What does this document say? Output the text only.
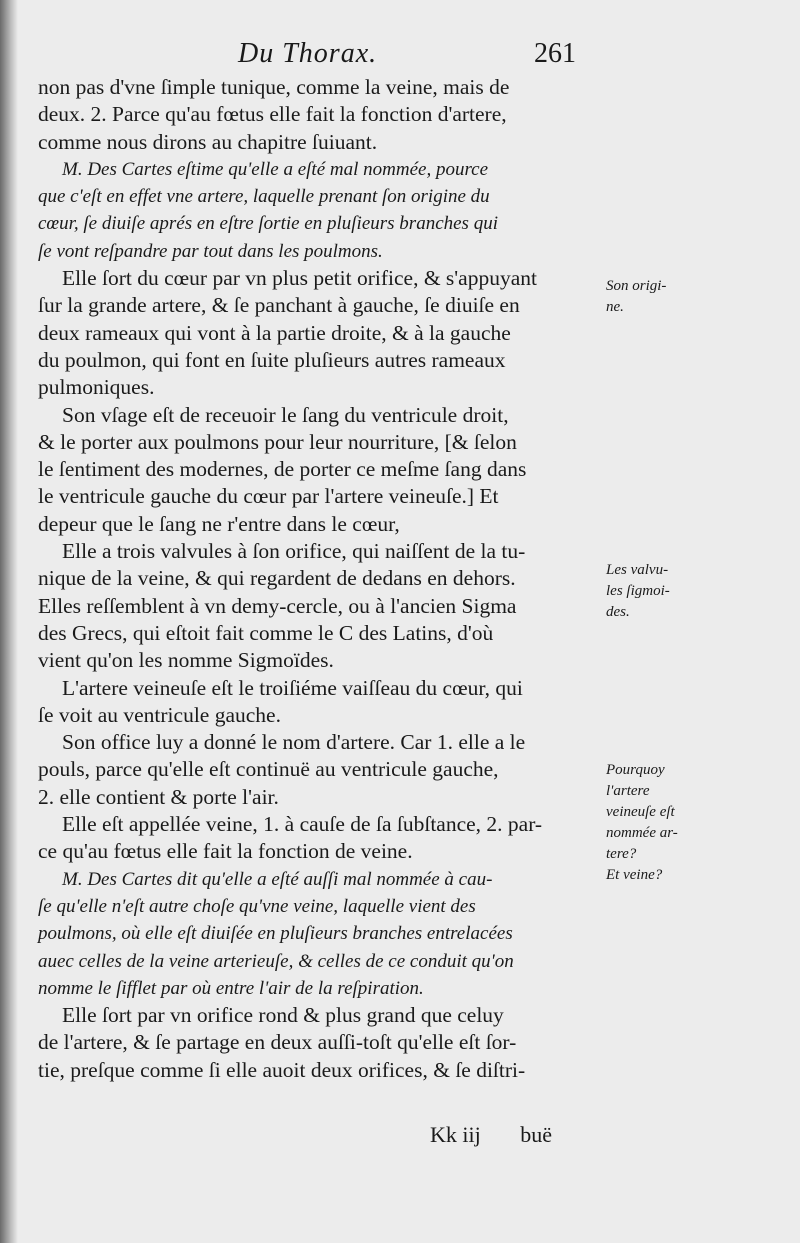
Du Thorax.	261
non pas d'vne ſimple tunique, comme la veine, mais de
deux. 2. Parce qu'au fœtus elle fait la fonction d'artere,
comme nous dirons au chapitre ſuiuant.
M. Des Cartes eſtime qu'elle a eſté mal nommée, pource
que c'eſt en effet vne artere, laquelle prenant ſon origine du
cœur, ſe diuiſe aprés en eſtre ſortie en pluſieurs branches qui
ſe vont reſpandre par tout dans les poulmons.
Elle ſort du cœur par vn plus petit orifice, & s'appuyant
ſur la grande artere, & ſe panchant à gauche, ſe diuiſe en
deux rameaux qui vont à la partie droite, & à la gauche
du poulmon, qui font en ſuite pluſieurs autres rameaux
pulmoniques.
Son vſage eſt de receuoir le ſang du ventricule droit,
& le porter aux poulmons pour leur nourriture, [& ſelon
le ſentiment des modernes, de porter ce meſme ſang dans
le ventricule gauche du cœur par l'artere veineuſe.] Et
depeur que le ſang ne r'entre dans le cœur,
Elle a trois valvules à ſon orifice, qui naiſſent de la tu-
nique de la veine, & qui regardent de dedans en dehors.
Elles reſſemblent à vn demy-cercle, ou à l'ancien Sigma
des Grecs, qui eſtoit fait comme le C des Latins, d'où
vient qu'on les nomme Sigmoïdes.
L'artere veineuſe eſt le troiſiéme vaiſſeau du cœur, qui
ſe voit au ventricule gauche.
Son office luy a donné le nom d'artere. Car 1. elle a le
pouls, parce qu'elle eſt continuë au ventricule gauche,
2. elle contient & porte l'air.
Elle eſt appellée veine, 1. à cauſe de ſa ſubſtance, 2. par-
ce qu'au fœtus elle fait la fonction de veine.
M. Des Cartes dit qu'elle a eſté auſſi mal nommée à cau-
ſe qu'elle n'eſt autre choſe qu'vne veine, laquelle vient des
poulmons, où elle eſt diuiſée en pluſieurs branches entrelacées
auec celles de la veine arterieuſe, & celles de ce conduit qu'on
nomme le ſifflet par où entre l'air de la reſpiration.
Elle ſort par vn orifice rond & plus grand que celuy
de l'artere, & ſe partage en deux auſſi-toſt qu'elle eſt ſor-
tie, preſque comme ſi elle auoit deux orifices, & ſe diſtri-
Son origi-
ne.
Les valvu-
les ſigmoi-
des.
Pourquoy
l'artere
veineuſe eſt
nommée ar-
tere?
Et veine?
Kk iij buë
